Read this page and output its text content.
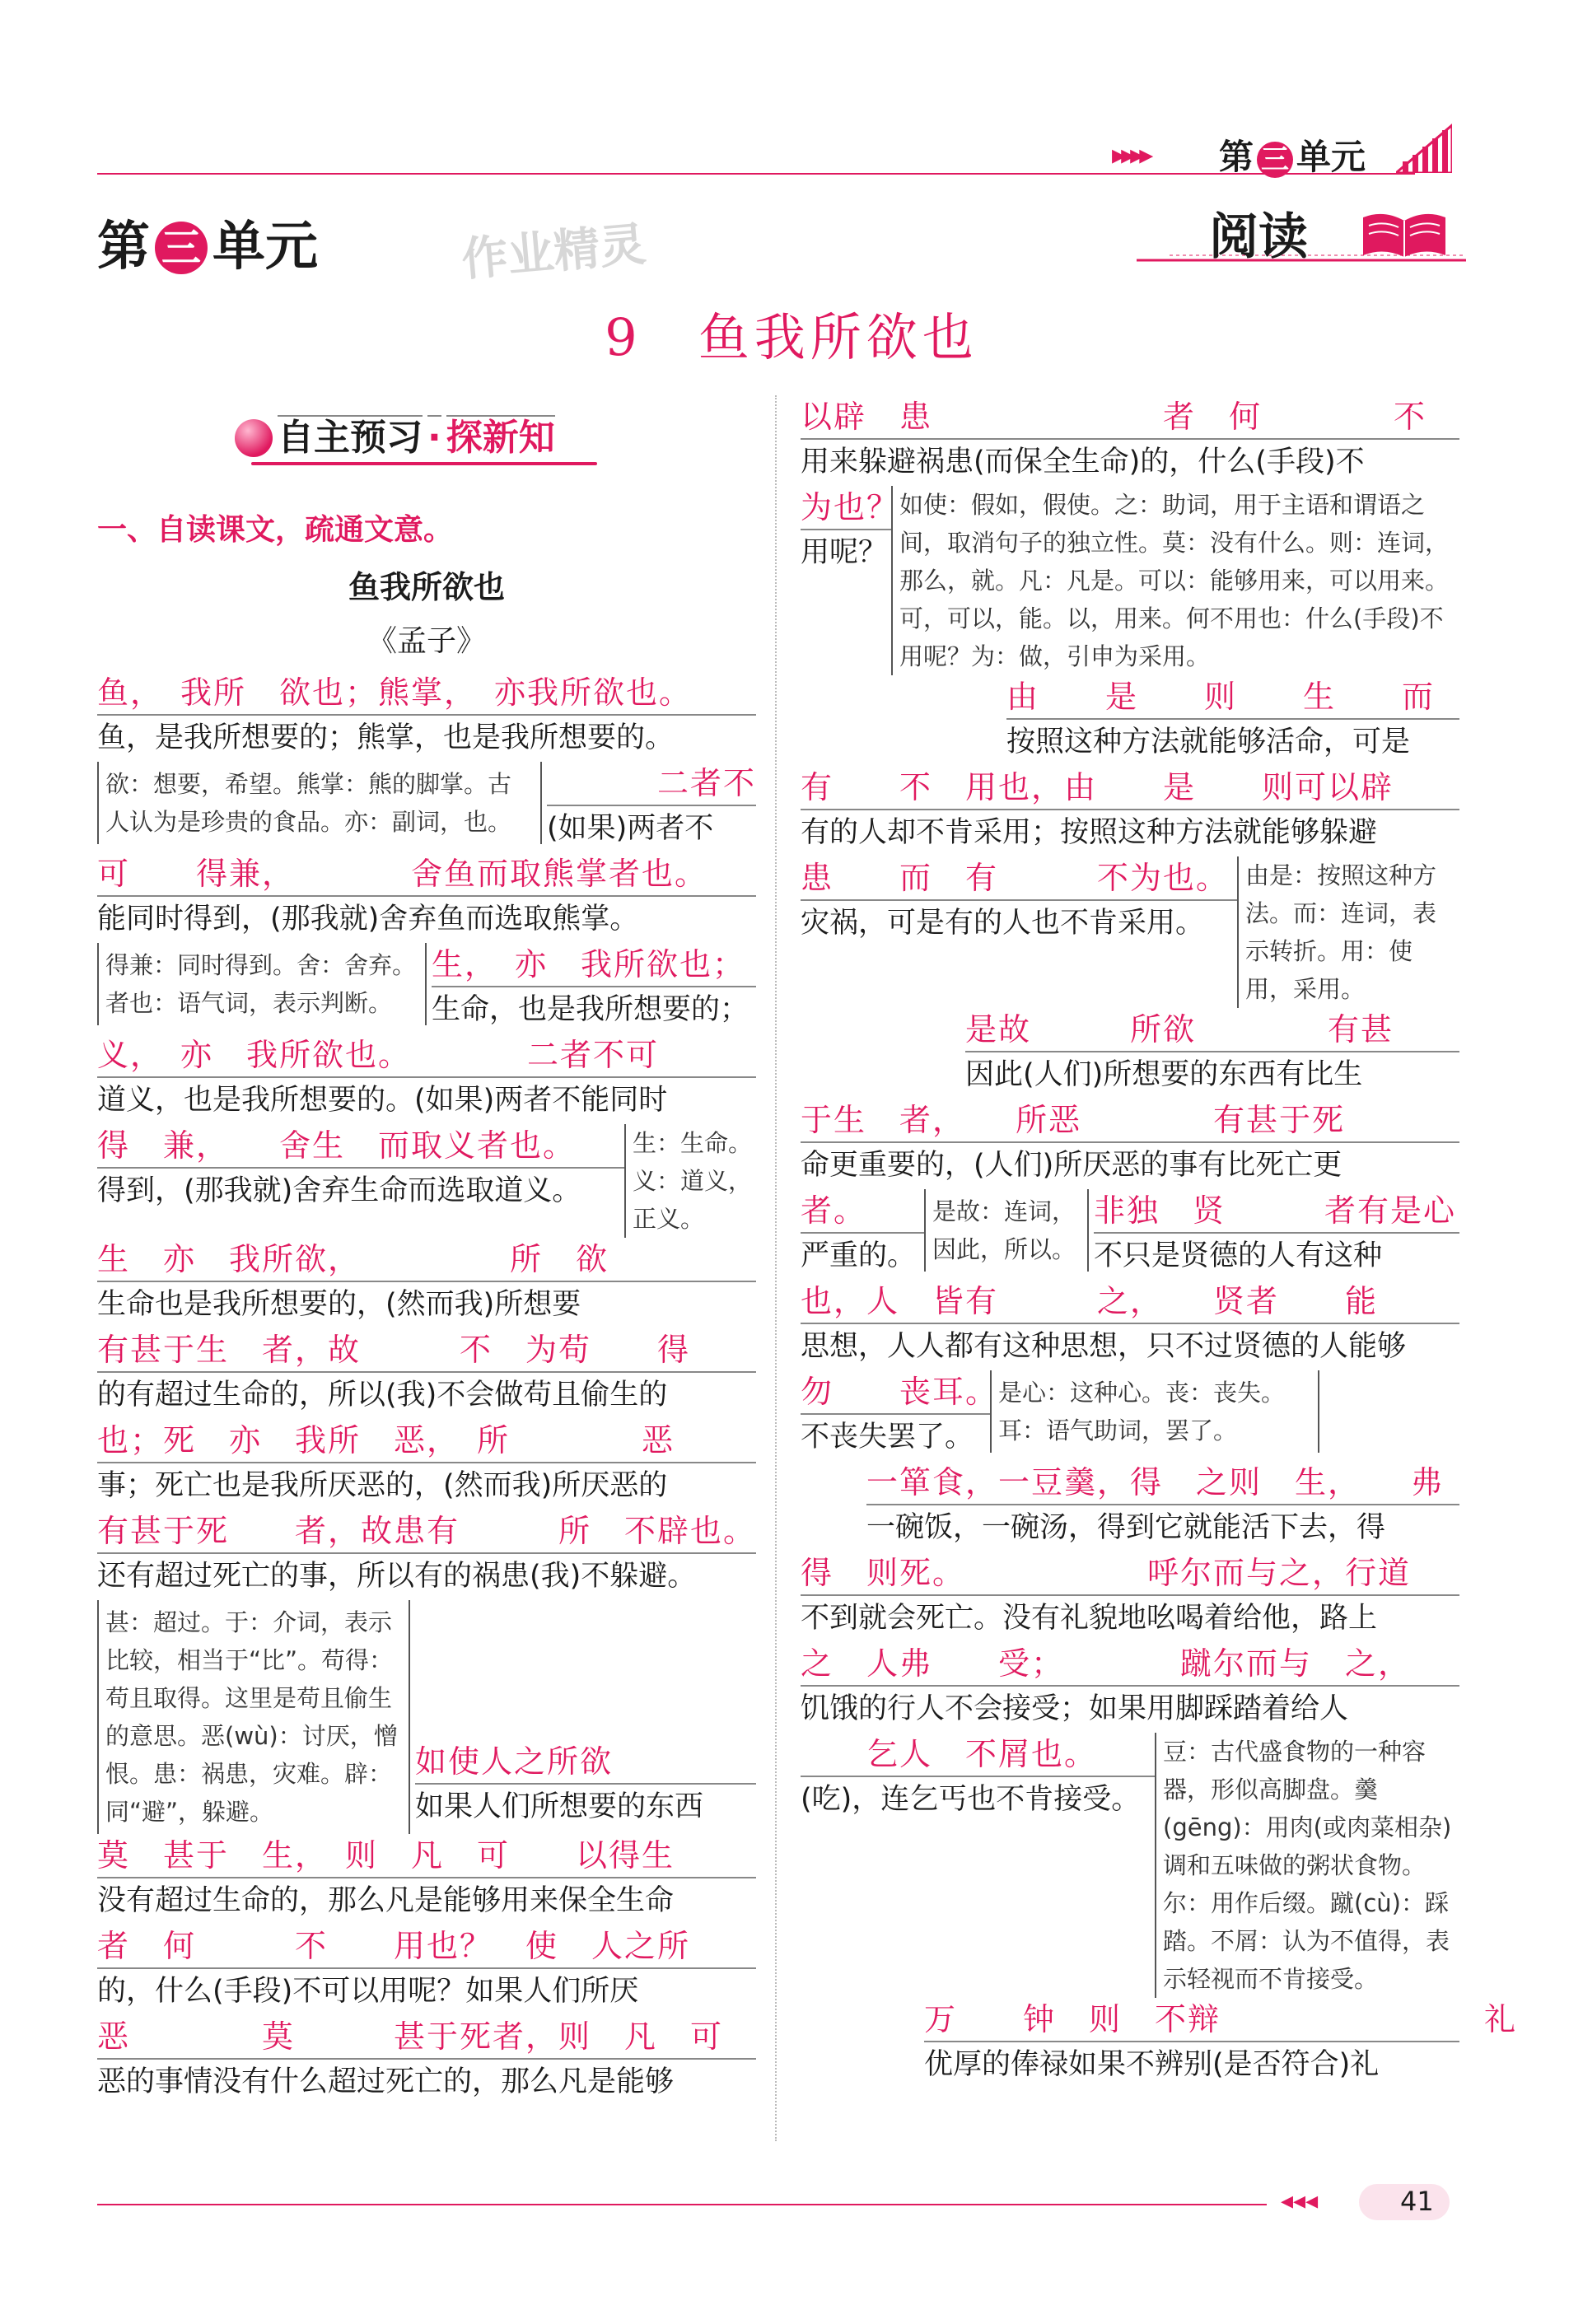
▸▸▸▸ 第 三 单元
第 三 单元	作业精灵	阅读
9　鱼我所欲也
自主预习 · 探新知
一、自读课文，疏通文意。
鱼我所欲也
《孟子》
鱼，　我所　欲也；熊掌，　亦我所欲也。
鱼，是我所想要的；熊掌，也是我所想要的。
欲：想要，希望。熊掌：熊的脚掌。古人认为是珍贵的食品。亦：副词，也。
二者不
(如果)两者不
可　　得兼，　　　　舍鱼而取熊掌者也。
能同时得到，(那我就)舍弃鱼而选取熊掌。
得兼：同时得到。舍：舍弃。者也：语气词，表示判断。
生，　亦　我所欲也；
生命，也是我所想要的；
义，　亦　我所欲也。　　　　二者不可
道义，也是我所想要的。(如果)两者不能同时
得　兼，　　舍生　而取义者也。
得到，(那我就)舍弃生命而选取道义。
生：生命。义：道义，正义。
生　亦　我所欲，　　　　　所　欲
生命也是我所想要的，(然而我)所想要
有甚于生　者，故　　　不　为苟　　得
的有超过生命的，所以(我)不会做苟且偷生的
也；死　亦　我所　恶，　所　　　　恶
事；死亡也是我所厌恶的，(然而我)所厌恶的
有甚于死　　者，故患有　　　所　不辟也。
还有超过死亡的事，所以有的祸患(我)不躲避。
甚：超过。于：介词，表示比较，相当于“比”。苟得：苟且取得。这里是苟且偷生的意思。恶(wù)：讨厌，憎恨。患：祸患，灾难。辟：同“避”，躲避。
如使人之所欲
如果人们所想要的东西
莫　甚于　生，　则　凡　可　　以得生
没有超过生命的，那么凡是能够用来保全生命
者　何　　　不　　用也？　使　人之所
的，什么(手段)不可以用呢？如果人们所厌
恶　　　　莫　　　甚于死者，则　凡　可
恶的事情没有什么超过死亡的，那么凡是能够
以辟　患　　　　　　　者　何　　　　不
用来躲避祸患(而保全生命)的，什么(手段)不
为也？
用呢？
如使：假如，假使。之：助词，用于主语和谓语之间，取消句子的独立性。莫：没有什么。则：连词，那么，就。凡：凡是。可以：能够用来，可以用来。可，可以，能。以，用来。何不用也：什么(手段)不用呢？为：做，引申为采用。
由　　是　　则　　生　　而
按照这种方法就能够活命，可是
有　　不　用也，由　　是　　则可以辟
有的人却不肯采用；按照这种方法就能够躲避
患　　而　有　　　不为也。
灾祸，可是有的人也不肯采用。
由是：按照这种方法。而：连词，表示转折。用：使用，采用。
是故　　　所欲　　　　有甚
因此(人们)所想要的东西有比生
于生　者，　　所恶　　　　有甚于死
命更重要的，(人们)所厌恶的事有比死亡更
者。
严重的。
是故：连词，因此，所以。
非独　贤　　　者有是心
不只是贤德的人有这种
也，人　皆有　　　之，　　贤者　　能
思想，人人都有这种思想，只不过贤德的人能够
勿　　丧耳。
不丧失罢了。
是心：这种心。丧：丧失。耳：语气助词，罢了。
一箪食，一豆羹，得　之则　生，　　弗
一碗饭，一碗汤，得到它就能活下去，得
得　则死。　　　　　　呼尔而与之，行道
不到就会死亡。没有礼貌地吆喝着给他，路上
之　人弗　　受；　　　　蹴尔而与　之，
饥饿的行人不会接受；如果用脚踩踏着给人
乞人　不屑也。
(吃)，连乞丐也不肯接受。
豆：古代盛食物的一种容器，形似高脚盘。羹(gēng)：用肉(或肉菜相杂)调和五味做的粥状食物。尔：用作后缀。蹴(cù)：踩踏。不屑：认为不值得，表示轻视而不肯接受。
万　　钟　则　不辩　　　　　　　　礼
优厚的俸禄如果不辨别(是否符合)礼
◂◂◂	41
